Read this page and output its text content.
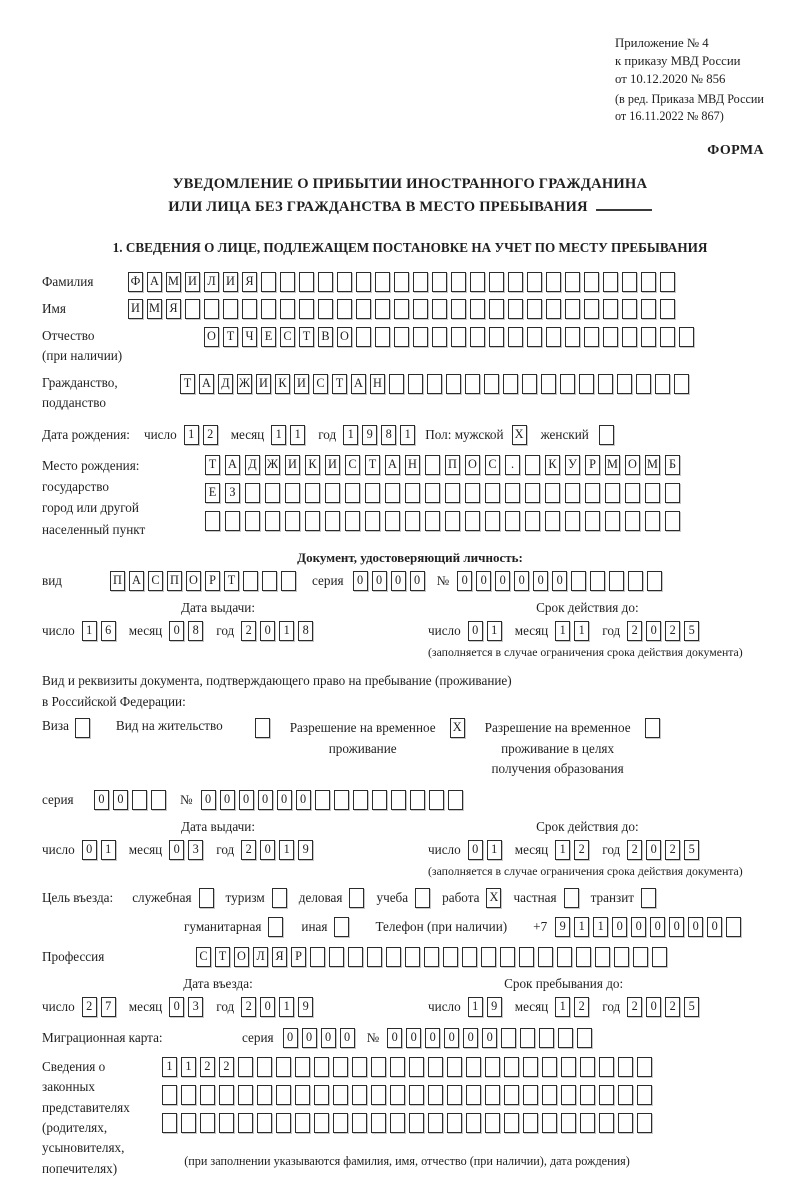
Приложение № 4
к приказу МВД России
от 10.12.2020 № 856
(в ред. Приказа МВД России
от 16.11.2022 № 867)
ФОРМА
УВЕДОМЛЕНИЕ О ПРИБЫТИИ ИНОСТРАННОГО ГРАЖДАНИНА
ИЛИ ЛИЦА БЕЗ ГРАЖДАНСТВА В МЕСТО ПРЕБЫВАНИЯ
1. СВЕДЕНИЯ О ЛИЦЕ, ПОДЛЕЖАЩЕМ ПОСТАНОВКЕ НА УЧЕТ ПО МЕСТУ ПРЕБЫВАНИЯ
Фамилия	Ф А М И Л И Я
Имя	И М Я
Отчество
(при наличии)
О Т Ч Е С Т В О
Гражданство,
подданство
Т А Д Ж И К И С Т А Н
Дата рождения: число 1	2	месяц 1	1	год 1	9	8	1	Пол: мужской X женский
Место рождения:
государство
город или другой
населенный пункт
Т А Д Ж И К И С Т А Н	П О С	.	К У Р М О М Б
Е	З
Документ, удостоверяющий личность:
вид	П А С П О Р Т	серия	0	0	0	0	№	0	0	0	0	0	0
Дата выдачи:
число 1	6	месяц 0	8	год 2	0	1	8
Срок действия до:
число 0	1	месяц 1	1	год 2	0	2	5
(заполняется в случае ограничения срока действия документа)
Вид и реквизиты документа, подтверждающего право на пребывание (проживание)
в Российской Федерации:
Виза	Вид на жительство	Разрешение на временное
проживание
X Разрешение на временное
проживание в целях
получения образования
серия	0	0	№	0	0	0	0	0	0
Дата выдачи:
число 0	1	месяц 0	3	год 2	0	1	9
Срок действия до:
число 0	1	месяц 1	2	год 2	0	2	5
(заполняется в случае ограничения срока действия документа)
Цель въезда: служебная	туризм	деловая	учеба	работа X частная	транзит
гуманитарная	иная	Телефон (при наличии) +7	9	1	1	0	0	0	0	0	0
Профессия	С Т О Л Я Р
Дата въезда:
число 2	7	месяц 0	3	год 2	0	1	9
Срок пребывания до:
число 1	9	месяц 1	2	год 2	0	2	5
Миграционная карта:	серия	0	0	0	0	№	0	0	0	0	0	0
Сведения о
законных
представителях
(родителях,
усыновителях,
попечителях)
1	1	2	2
(при заполнении указываются фамилия, имя, отчество (при наличии), дата рождения)
